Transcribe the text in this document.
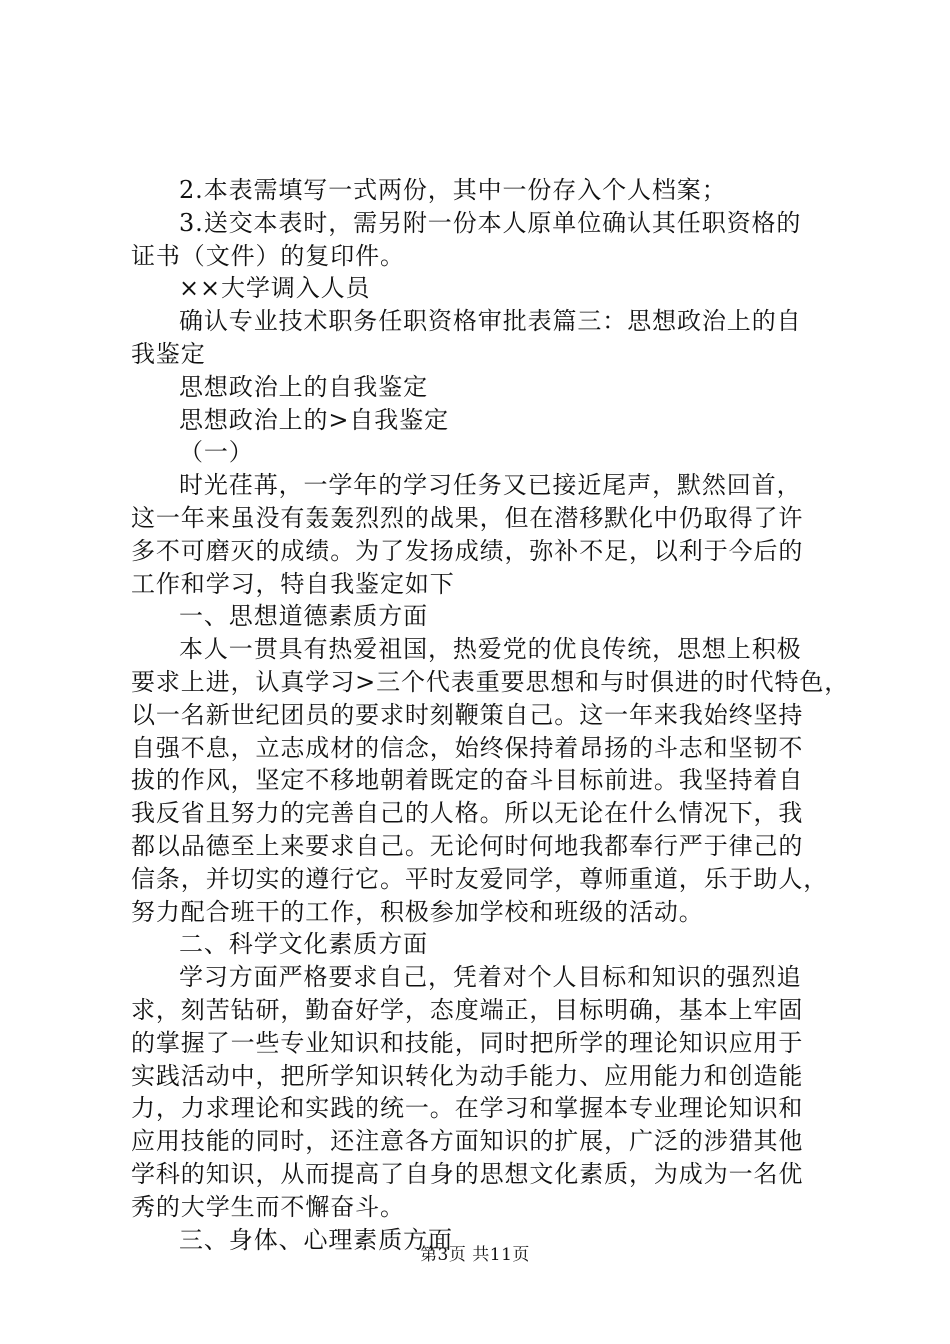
2.本表需填写一式两份，其中一份存入个人档案；
3.送交本表时，需另附一份本人原单位确认其任职资格的
证书（文件）的复印件。
××大学调入人员
确认专业技术职务任职资格审批表篇三：思想政治上的自
我鉴定
思想政治上的自我鉴定
思想政治上的>自我鉴定
（一）
时光荏苒，一学年的学习任务又已接近尾声，默然回首，
这一年来虽没有轰轰烈烈的战果，但在潜移默化中仍取得了许
多不可磨灭的成绩。为了发扬成绩，弥补不足，以利于今后的
工作和学习，特自我鉴定如下
一、思想道德素质方面
本人一贯具有热爱祖国，热爱党的优良传统，思想上积极
要求上进，认真学习>三个代表重要思想和与时俱进的时代特色，
以一名新世纪团员的要求时刻鞭策自己。这一年来我始终坚持
自强不息，立志成材的信念，始终保持着昂扬的斗志和坚韧不
拔的作风，坚定不移地朝着既定的奋斗目标前进。我坚持着自
我反省且努力的完善自己的人格。所以无论在什么情况下，我
都以品德至上来要求自己。无论何时何地我都奉行严于律己的
信条，并切实的遵行它。平时友爱同学，尊师重道，乐于助人，
努力配合班干的工作，积极参加学校和班级的活动。
二、科学文化素质方面
学习方面严格要求自己，凭着对个人目标和知识的强烈追
求，刻苦钻研，勤奋好学，态度端正，目标明确，基本上牢固
的掌握了一些专业知识和技能，同时把所学的理论知识应用于
实践活动中，把所学知识转化为动手能力、应用能力和创造能
力，力求理论和实践的统一。在学习和掌握本专业理论知识和
应用技能的同时，还注意各方面知识的扩展，广泛的涉猎其他
学科的知识，从而提高了自身的思想文化素质，为成为一名优
秀的大学生而不懈奋斗。
三、身体、心理素质方面
第3页 共11页
